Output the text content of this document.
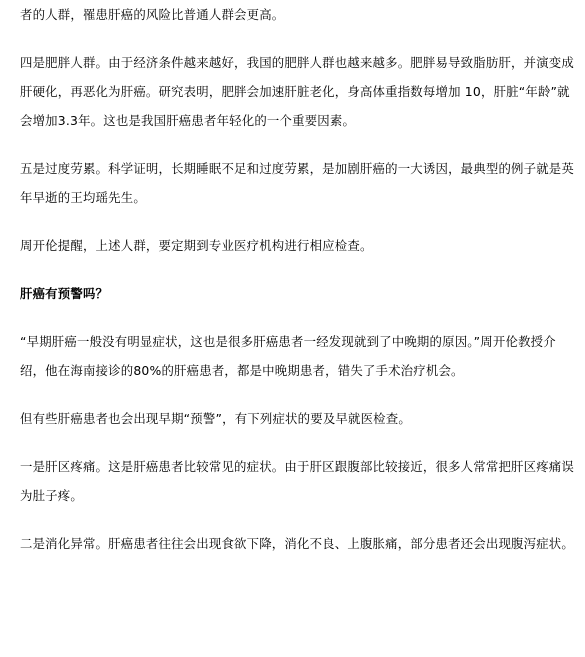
者的人群，罹患肝癌的风险比普通人群会更高。

四是肥胖人群。由于经济条件越来越好，我国的肥胖人群也越来越多。肥胖易导致脂肪肝，并演变成肝硬化，再恶化为肝癌。研究表明，肥胖会加速肝脏老化，身高体重指数每增加 10，肝脏“年龄”就会增加3.3年。这也是我国肝癌患者年轻化的一个重要因素。

五是过度劳累。科学证明，长期睡眠不足和过度劳累，是加剧肝癌的一大诱因，最典型的例子就是英年早逝的王均瑶先生。

周开伦提醒，上述人群，要定期到专业医疗机构进行相应检查。

肝癌有预警吗？

“早期肝癌一般没有明显症状，这也是很多肝癌患者一经发现就到了中晚期的原因。”周开伦教授介绍，他在海南接诊的80%的肝癌患者，都是中晚期患者，错失了手术治疗机会。

但有些肝癌患者也会出现早期“预警”，有下列症状的要及早就医检查。

一是肝区疼痛。这是肝癌患者比较常见的症状。由于肝区跟腹部比较接近，很多人常常把肝区疼痛误为肚子疼。

二是消化异常。肝癌患者往往会出现食欲下降，消化不良、上腹胀痛，部分患者还会出现腹泻症状。
